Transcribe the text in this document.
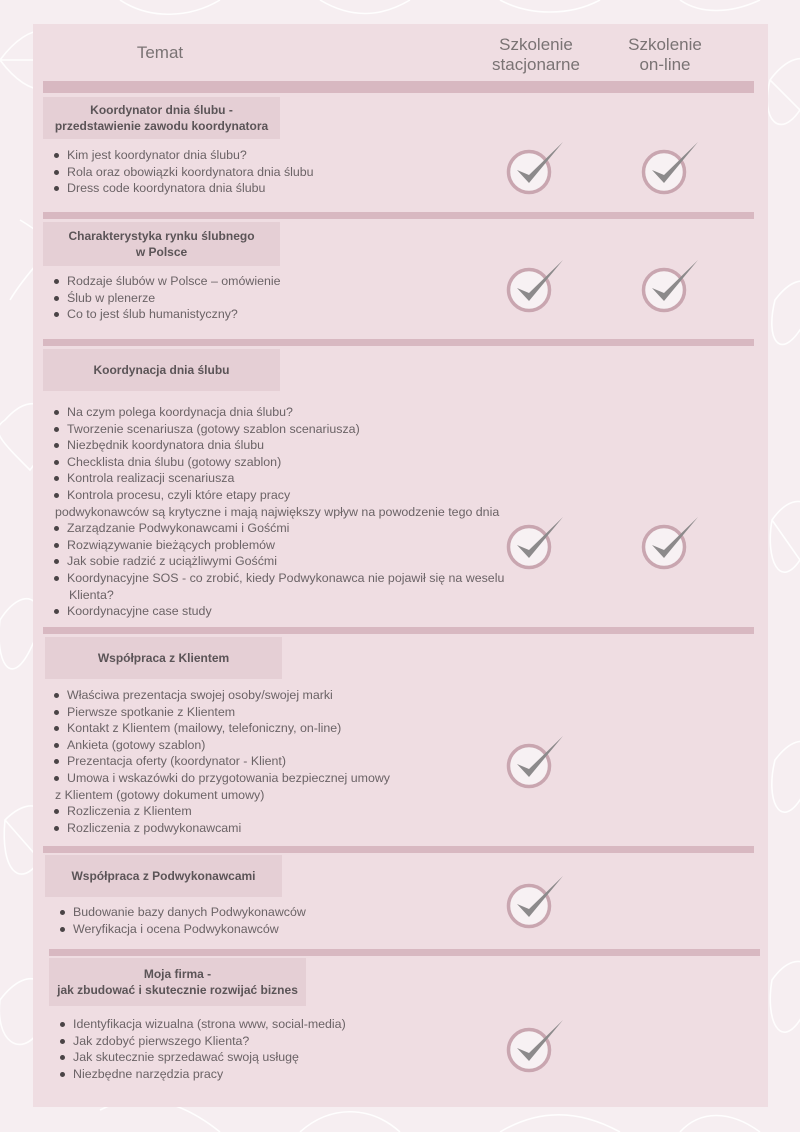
Temat	Szkolenie
stacjonarne
Szkolenie
on-line
Koordynator dnia ślubu -
przedstawienie zawodu koordynatora
Kim jest koordynator dnia ślubu?
Rola oraz obowiązki koordynatora dnia ślubu
Dress code koordynatora dnia ślubu
Charakterystyka rynku ślubnego
w Polsce
Rodzaje ślubów w Polsce – omówienie
Ślub w plenerze
Co to jest ślub humanistyczny?
Koordynacja dnia ślubu
Na czym polega koordynacja dnia ślubu?
Tworzenie scenariusza (gotowy szablon scenariusza)
Niezbędnik koordynatora dnia ślubu
Checklista dnia ślubu (gotowy szablon)
Kontrola realizacji scenariusza
Kontrola procesu, czyli które etapy pracy
podwykonawców są krytyczne i mają największy wpływ na powodzenie tego dnia
Zarządzanie Podwykonawcami i Gośćmi
Rozwiązywanie bieżących problemów
Jak sobie radzić z uciążliwymi Gośćmi
Koordynacyjne SOS - co zrobić, kiedy Podwykonawca nie pojawił się na weselu
Klienta?
Koordynacyjne case study
Współpraca z Klientem
Właściwa prezentacja swojej osoby/swojej marki
Pierwsze spotkanie z Klientem
Kontakt z Klientem (mailowy, telefoniczny, on-line)
Ankieta (gotowy szablon)
Prezentacja oferty (koordynator - Klient)
Umowa i wskazówki do przygotowania bezpiecznej umowy
z Klientem (gotowy dokument umowy)
Rozliczenia z Klientem
Rozliczenia z podwykonawcami
Współpraca z Podwykonawcami
Budowanie bazy danych Podwykonawców
Weryfikacja i ocena Podwykonawców
Moja firma -
jak zbudować i skutecznie rozwijać biznes
Identyfikacja wizualna (strona www, social-media)
Jak zdobyć pierwszego Klienta?
Jak skutecznie sprzedawać swoją usługę
Niezbędne narzędzia pracy
